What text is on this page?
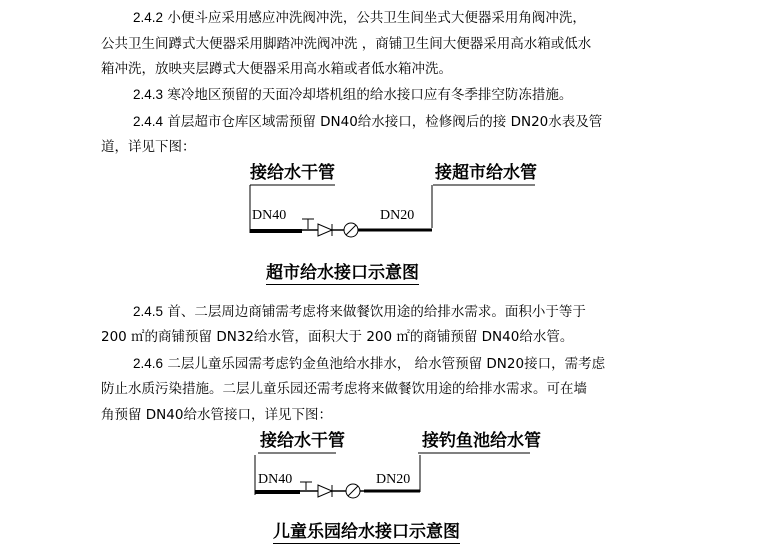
2.4.2 小便斗应采用感应冲洗阀冲洗，公共卫生间坐式大便器采用角阀冲洗，
公共卫生间蹲式大便器采用脚踏冲洗阀冲洗 ，商铺卫生间大便器采用高水箱或低水
箱冲洗，放映夹层蹲式大便器采用高水箱或者低水箱冲洗。
2.4.3 寒冷地区预留的天面冷却塔机组的给水接口应有冬季排空防冻措施。
2.4.4 首层超市仓库区域需预留 DN40给水接口，检修阀后的接 DN20水表及管
道，详见下图：
2.4.5 首、二层周边商铺需考虑将来做餐饮用途的给排水需求。面积小于等于
200 ㎡的商铺预留 DN32给水管，面积大于 200 ㎡的商铺预留 DN40给水管。
2.4.6 二层儿童乐园需考虑钓金鱼池给水排水， 给水管预留 DN20接口，需考虑
防止水质污染措施。二层儿童乐园还需考虑将来做餐饮用途的给排水需求。可在墙
角预留 DN40给水管接口，详见下图：
接给水干管	接超市给水管
DN40	DN20
超市给水接口示意图
接给水干管	接钓鱼池给水管
DN40	DN20
儿童乐园给水接口示意图
